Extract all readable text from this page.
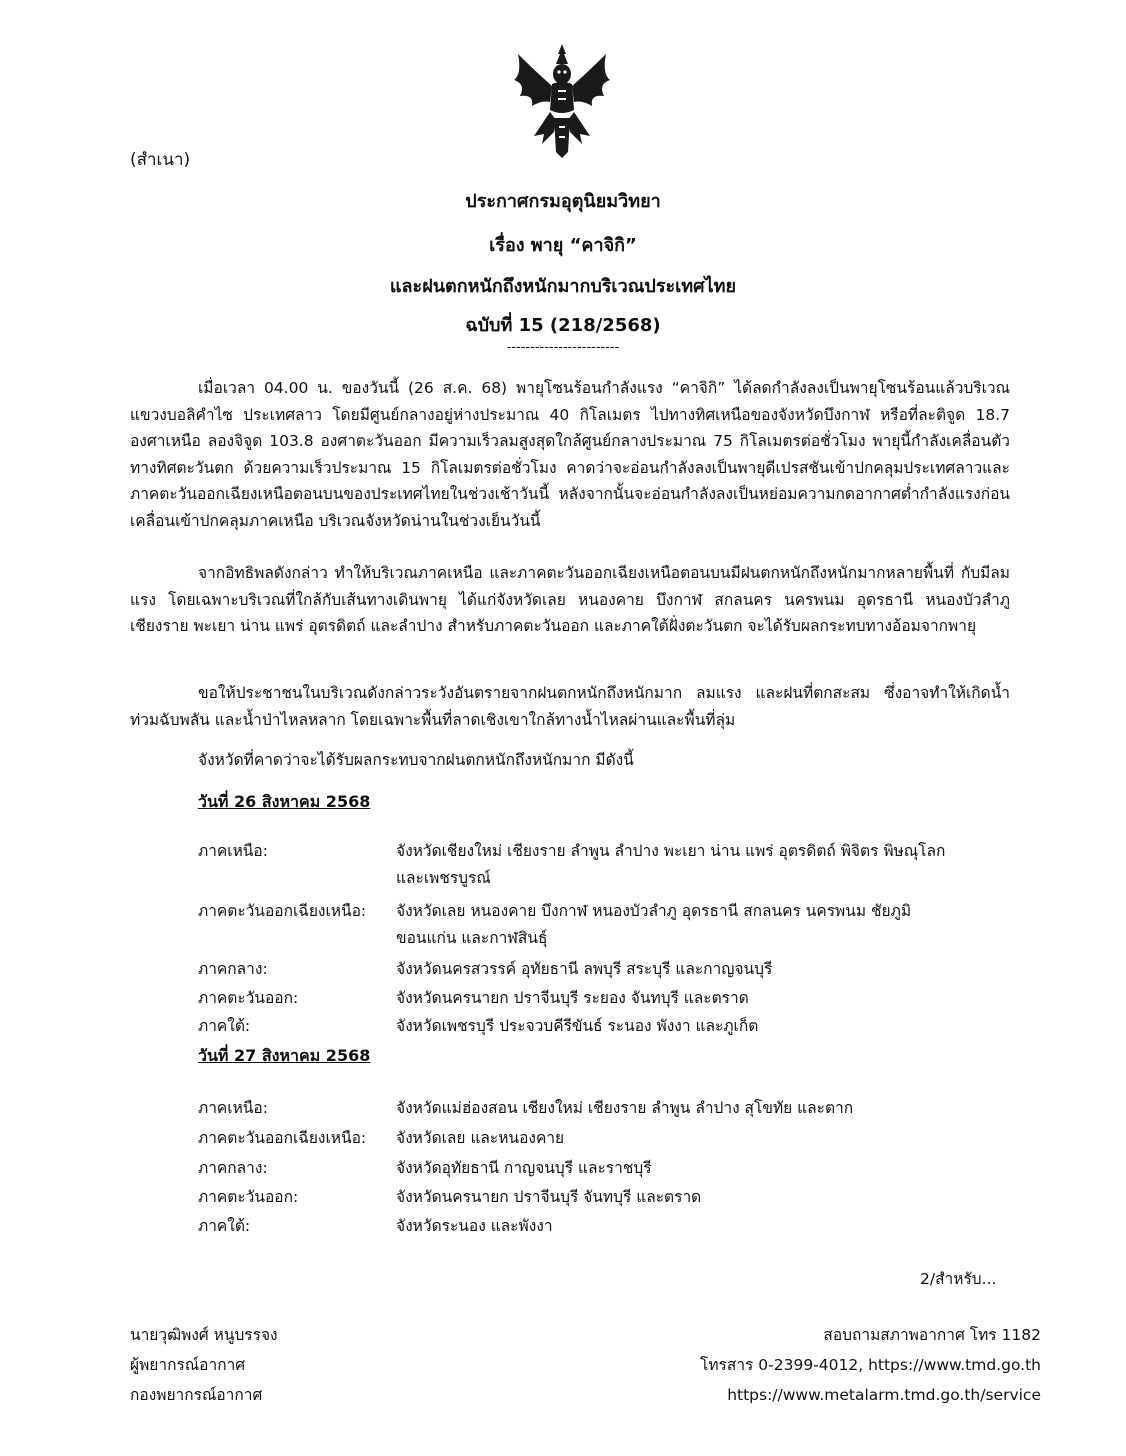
(สำเนา)
ประกาศกรมอุตุนิยมวิทยา
เรื่อง พายุ “คาจิกิ”
และฝนตกหนักถึงหนักมากบริเวณประเทศไทย
ฉบับที่ 15 (218/2568)
------------------------
เมื่อเวลา 04.00 น. ของวันนี้ (26 ส.ค. 68) พายุโซนร้อนกำลังแรง “คาจิกิ” ได้ลดกำลังลงเป็นพายุโซนร้อนแล้วบริเวณแขวงบอลิคำไซ ประเทศลาว โดยมีศูนย์กลางอยู่ห่างประมาณ 40 กิโลเมตร ไปทางทิศเหนือของจังหวัดบึงกาฬ หรือที่ละติจูด 18.7 องศาเหนือ ลองจิจูด 103.8 องศาตะวันออก มีความเร็วลมสูงสุดใกล้ศูนย์กลางประมาณ 75 กิโลเมตรต่อชั่วโมง พายุนี้กำลังเคลื่อนตัวทางทิศตะวันตก ด้วยความเร็วประมาณ 15 กิโลเมตรต่อชั่วโมง คาดว่าจะอ่อนกำลังลงเป็นพายุดีเปรสชันเข้าปกคลุมประเทศลาวและภาคตะวันออกเฉียงเหนือตอนบนของประเทศไทยในช่วงเช้าวันนี้ หลังจากนั้นจะอ่อนกำลังลงเป็นหย่อมความกดอากาศต่ำกำลังแรงก่อนเคลื่อนเข้าปกคลุมภาคเหนือ บริเวณจังหวัดน่านในช่วงเย็นวันนี้
จากอิทธิพลดังกล่าว ทำให้บริเวณภาคเหนือ และภาคตะวันออกเฉียงเหนือตอนบนมีฝนตกหนักถึงหนักมากหลายพื้นที่ กับมีลมแรง โดยเฉพาะบริเวณที่ใกล้กับเส้นทางเดินพายุ ได้แก่จังหวัดเลย หนองคาย บึงกาฬ สกลนคร นครพนม อุดรธานี หนองบัวลำภู เชียงราย พะเยา น่าน แพร่ อุตรดิตถ์ และลำปาง สำหรับภาคตะวันออก และภาคใต้ฝั่งตะวันตก จะได้รับผลกระทบทางอ้อมจากพายุ
ขอให้ประชาชนในบริเวณดังกล่าวระวังอันตรายจากฝนตกหนักถึงหนักมาก ลมแรง และฝนที่ตกสะสม ซึ่งอาจทำให้เกิดน้ำท่วมฉับพลัน และน้ำป่าไหลหลาก โดยเฉพาะพื้นที่ลาดเชิงเขาใกล้ทางน้ำไหลผ่านและพื้นที่ลุ่ม
จังหวัดที่คาดว่าจะได้รับผลกระทบจากฝนตกหนักถึงหนักมาก มีดังนี้
วันที่ 26 สิงหาคม 2568
ภาคเหนือ:	จังหวัดเชียงใหม่ เชียงราย ลำพูน ลำปาง พะเยา น่าน แพร่ อุตรดิตถ์ พิจิตร พิษณุโลก และเพชรบูรณ์
ภาคตะวันออกเฉียงเหนือ: จังหวัดเลย หนองคาย บึงกาฬ หนองบัวลำภู อุดรธานี สกลนคร นครพนม ชัยภูมิ ขอนแก่น และกาฬสินธุ์
ภาคกลาง:	จังหวัดนครสวรรค์ อุทัยธานี ลพบุรี สระบุรี และกาญจนบุรี
ภาคตะวันออก:	จังหวัดนครนายก ปราจีนบุรี ระยอง จันทบุรี และตราด
ภาคใต้:	จังหวัดเพชรบุรี ประจวบคีรีขันธ์ ระนอง พังงา และภูเก็ต
วันที่ 27 สิงหาคม 2568
ภาคเหนือ:	จังหวัดแม่ฮ่องสอน เชียงใหม่ เชียงราย ลำพูน ลำปาง สุโขทัย และตาก
ภาคตะวันออกเฉียงเหนือ: จังหวัดเลย และหนองคาย
ภาคกลาง:	จังหวัดอุทัยธานี กาญจนบุรี และราชบุรี
ภาคตะวันออก:	จังหวัดนครนายก ปราจีนบุรี จันทบุรี และตราด
ภาคใต้:	จังหวัดระนอง และพังงา
2/สำหรับ...
นายวุฒิพงศ์ หนูบรรจง
ผู้พยากรณ์อากาศ
กองพยากรณ์อากาศ
สอบถามสภาพอากาศ โทร 1182
โทรสาร 0-2399-4012, https://www.tmd.go.th
https://www.metalarm.tmd.go.th/service
